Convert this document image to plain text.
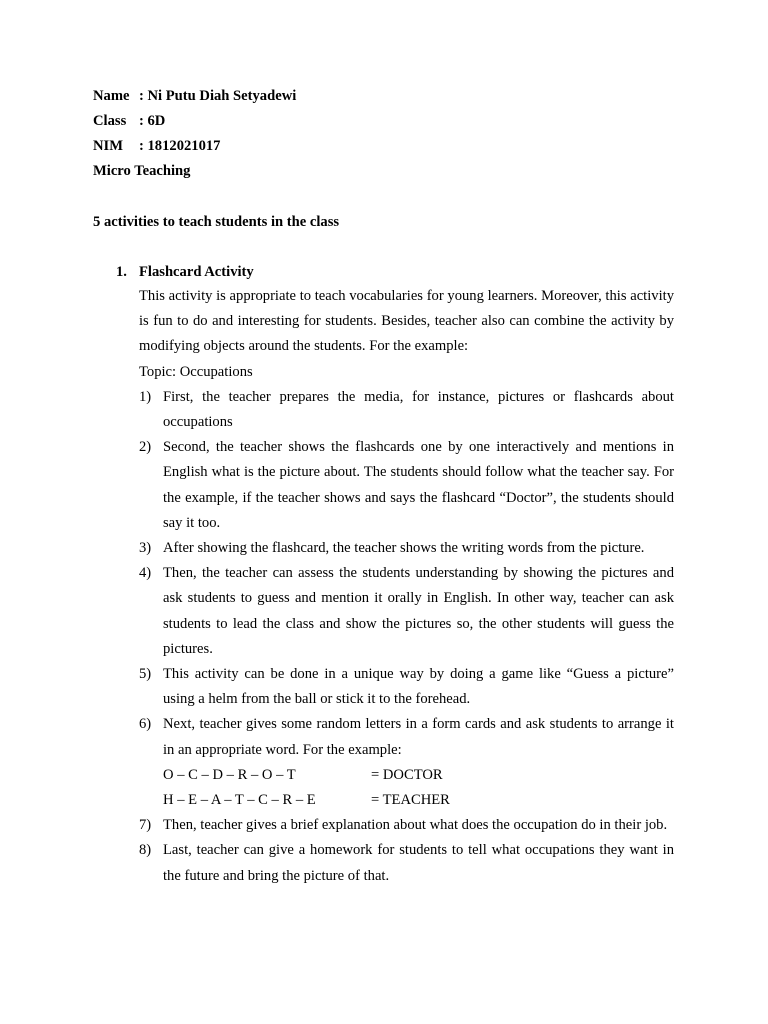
Name : Ni Putu Diah Setyadewi
Class : 6D
NIM : 1812021017
Micro Teaching
5 activities to teach students in the class

1. Flashcard Activity

This activity is appropriate to teach vocabularies for young learners. Moreover, this activity is fun to do and interesting for students. Besides, teacher also can combine the activity by modifying objects around the students. For the example:

Topic: Occupations
1) First, the teacher prepares the media, for instance, pictures or flashcards about occupations
2) Second, the teacher shows the flashcards one by one interactively and mentions in English what is the picture about. The students should follow what the teacher say. For the example, if the teacher shows and says the flashcard “Doctor”, the students should say it too.
3) After showing the flashcard, the teacher shows the writing words from the picture.
4) Then, the teacher can assess the students understanding by showing the pictures and ask students to guess and mention it orally in English. In other way, teacher can ask students to lead the class and show the pictures so, the other students will guess the pictures.
5) This activity can be done in a unique way by doing a game like “Guess a picture” using a helm from the ball or stick it to the forehead.
6) Next, teacher gives some random letters in a form cards and ask students to arrange it in an appropriate word. For the example:
O – C – D – R – O – T	= DOCTOR
H – E – A – T – C – R – E	= TEACHER
7) Then, teacher gives a brief explanation about what does the occupation do in their job.
8) Last, teacher can give a homework for students to tell what occupations they want in the future and bring the picture of that.
